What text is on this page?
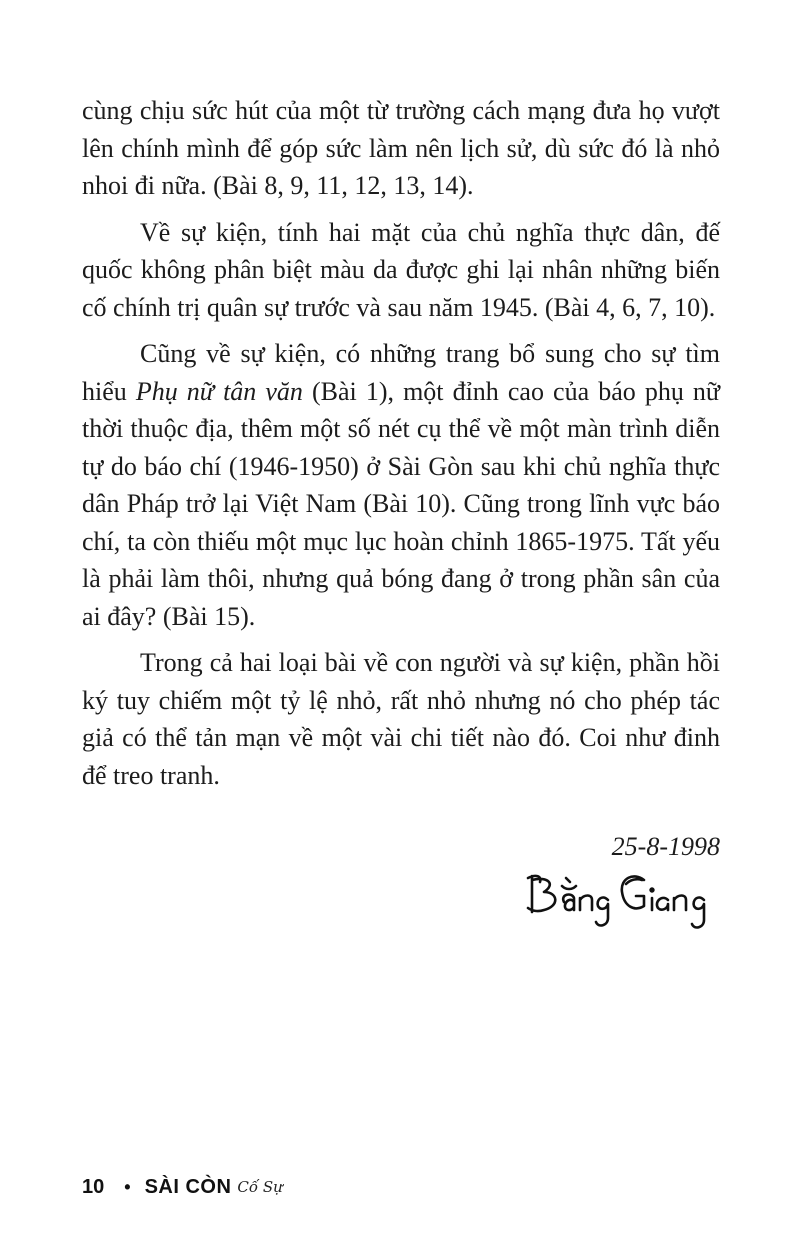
cùng chịu sức hút của một từ trường cách mạng đưa họ vượt lên chính mình để góp sức làm nên lịch sử, dù sức đó là nhỏ nhoi đi nữa. (Bài 8, 9, 11, 12, 13, 14).

Về sự kiện, tính hai mặt của chủ nghĩa thực dân, đế quốc không phân biệt màu da được ghi lại nhân những biến cố chính trị quân sự trước và sau năm 1945. (Bài 4, 6, 7, 10).

Cũng về sự kiện, có những trang bổ sung cho sự tìm hiểu Phụ nữ tân văn (Bài 1), một đỉnh cao của báo phụ nữ thời thuộc địa, thêm một số nét cụ thể về một màn trình diễn tự do báo chí (1946-1950) ở Sài Gòn sau khi chủ nghĩa thực dân Pháp trở lại Việt Nam (Bài 10). Cũng trong lĩnh vực báo chí, ta còn thiếu một mục lục hoàn chỉnh 1865-1975. Tất yếu là phải làm thôi, nhưng quả bóng đang ở trong phần sân của ai đây? (Bài 15).

Trong cả hai loại bài về con người và sự kiện, phần hồi ký tuy chiếm một tỷ lệ nhỏ, rất nhỏ nhưng nó cho phép tác giả có thể tản mạn về một vài chi tiết nào đó. Coi như đinh để treo tranh.

25-8-1998
10 • SÀI CÒN Cố Sự
